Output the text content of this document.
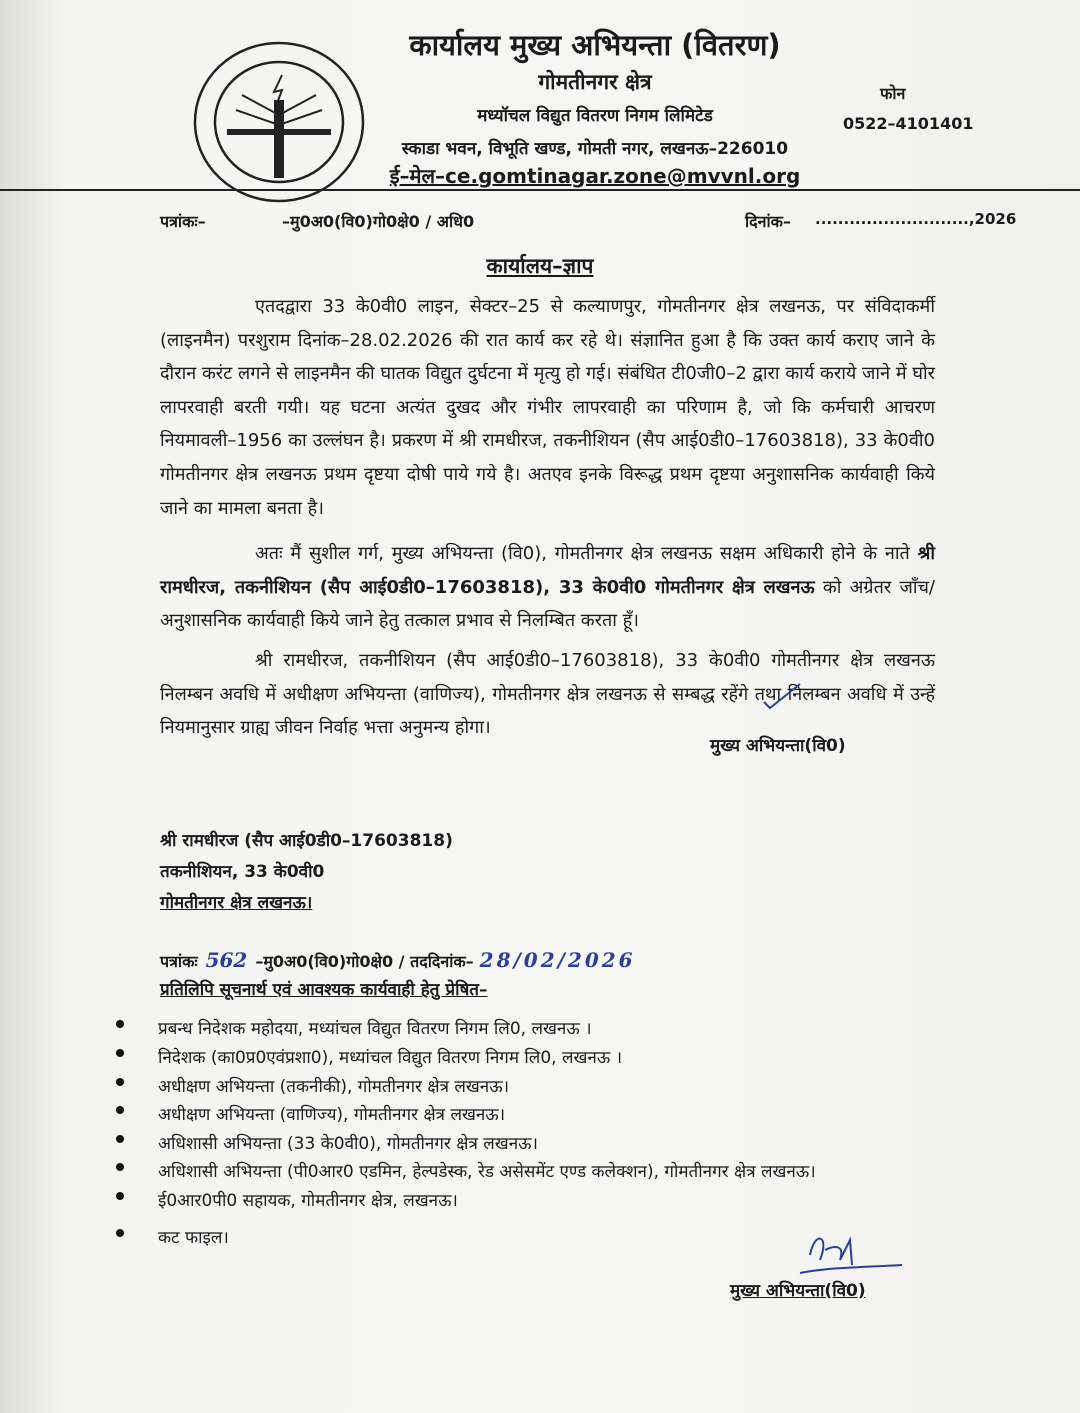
कार्यालय मुख्य अभियन्ता (वितरण)
गोमतीनगर क्षेत्र
मध्यॉचल विद्युत वितरण निगम लिमिटेड
स्काडा भवन, विभूति खण्ड, गोमती नगर, लखनऊ–226010
ई–मेल–ce.gomtinagar.zone@mvvnl.org
फोन
0522–4101401
पत्रांकः–	–मु0अ0(वि0)गो0क्षे0 / अधि0	दिनांक– ...........................,2026
कार्यालय–ज्ञाप

एतदद्वारा 33 के0वी0 लाइन, सेक्टर–25 से कल्याणपुर, गोमतीनगर क्षेत्र लखनऊ, पर संविदाकर्मी (लाइनमैन) परशुराम दिनांक–28.02.2026 की रात कार्य कर रहे थे। संज्ञानित हुआ है कि उक्त कार्य कराए जाने के दौरान करंट लगने से लाइनमैन की घातक विद्युत दुर्घटना में मृत्यु हो गई। संबंधित टी0जी0–2 द्वारा कार्य कराये जाने में घोर लापरवाही बरती गयी। यह घटना अत्यंत दुखद और गंभीर लापरवाही का परिणाम है, जो कि कर्मचारी आचरण नियमावली–1956 का उल्लंघन है। प्रकरण में श्री रामधीरज, तकनीशियन (सैप आई0डी0–17603818), 33 के0वी0 गोमतीनगर क्षेत्र लखनऊ प्रथम दृष्टया दोषी पाये गये है। अतएव इनके विरूद्ध प्रथम दृष्टया अनुशासनिक कार्यवाही किये जाने का मामला बनता है।

अतः मैं सुशील गर्ग, मुख्य अभियन्ता (वि0), गोमतीनगर क्षेत्र लखनऊ सक्षम अधिकारी होने के नाते श्री रामधीरज, तकनीशियन (सैप आई0डी0–17603818), 33 के0वी0 गोमतीनगर क्षेत्र लखनऊ को अग्रेतर जाँच/अनुशासनिक कार्यवाही किये जाने हेतु तत्काल प्रभाव से निलम्बित करता हूँ।

श्री रामधीरज, तकनीशियन (सैप आई0डी0–17603818), 33 के0वी0 गोमतीनगर क्षेत्र लखनऊ निलम्बन अवधि में अधीक्षण अभियन्ता (वाणिज्य), गोमतीनगर क्षेत्र लखनऊ से सम्बद्ध रहेंगे तथा निलम्बन अवधि में उन्हें नियमानुसार ग्राह्य जीवन निर्वाह भत्ता अनुमन्य होगा।

मुख्य अभियन्ता(वि0)
श्री रामधीरज (सैप आई0डी0–17603818)
तकनीशियन, 33 के0वी0
गोमतीनगर क्षेत्र लखनऊ।
पत्रांकः 562 –मु0अ0(वि0)गो0क्षे0 / तददिनांक– 28/02/2026
प्रतिलिपि सूचनार्थ एवं आवश्यक कार्यवाही हेतु प्रेषित–
प्रबन्ध निदेशक महोदया, मध्यांचल विद्युत वितरण निगम लि0, लखनऊ ।
निदेशक (का0प्र0एवंप्रशा0), मध्यांचल विद्युत वितरण निगम लि0, लखनऊ ।
अधीक्षण अभियन्ता (तकनीकी), गोमतीनगर क्षेत्र लखनऊ।
अधीक्षण अभियन्ता (वाणिज्य), गोमतीनगर क्षेत्र लखनऊ।
अधिशासी अभियन्ता (33 के0वी0), गोमतीनगर क्षेत्र लखनऊ।
अधिशासी अभियन्ता (पी0आर0 एडमिन, हेल्पडेस्क, रेड असेसमेंट एण्ड कलेक्शन), गोमतीनगर क्षेत्र लखनऊ।
ई0आर0पी0 सहायक, गोमतीनगर क्षेत्र, लखनऊ।
कट फाइल।
मुख्य अभियन्ता(वि0)
